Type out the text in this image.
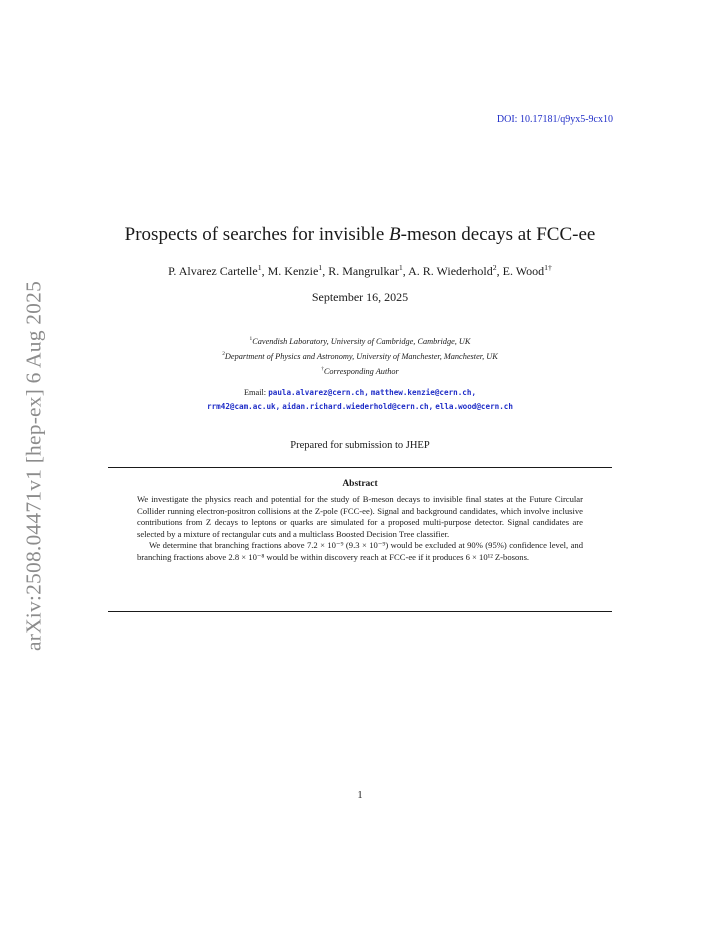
DOI: 10.17181/q9yx5-9cx10
arXiv:2508.04471v1 [hep-ex] 6 Aug 2025
Prospects of searches for invisible B-meson decays at FCC-ee
P. Alvarez Cartelle$^1$, M. Kenzie$^1$, R. Mangrulkar$^1$, A. R. Wiederhold$^2$, E. Wood$^{1\dagger}$
September 16, 2025
$^1$Cavendish Laboratory, University of Cambridge, Cambridge, UK
$^2$Department of Physics and Astronomy, University of Manchester, Manchester, UK
†Corresponding Author
Email: paula.alvarez@cern.ch, matthew.kenzie@cern.ch,
rrm42@cam.ac.uk, aidan.richard.wiederhold@cern.ch, ella.wood@cern.ch
Prepared for submission to JHEP
Abstract

We investigate the physics reach and potential for the study of B-meson decays to invisible final states at the Future Circular Collider running electron-positron collisions at the Z-pole (FCC-ee). Signal and background candidates, which involve inclusive contributions from Z decays to leptons or quarks are simulated for a proposed multi-purpose detector. Signal candidates are selected by a mixture of rectangular cuts and a multiclass Boosted Decision Tree classifier.

We determine that branching fractions above 7.2 × 10⁻⁹ (9.3 × 10⁻⁹) would be excluded at 90% (95%) confidence level, and branching fractions above 2.8 × 10⁻⁸ would be within discovery reach at FCC-ee if it produces 6 × 10¹² Z-bosons.

1
